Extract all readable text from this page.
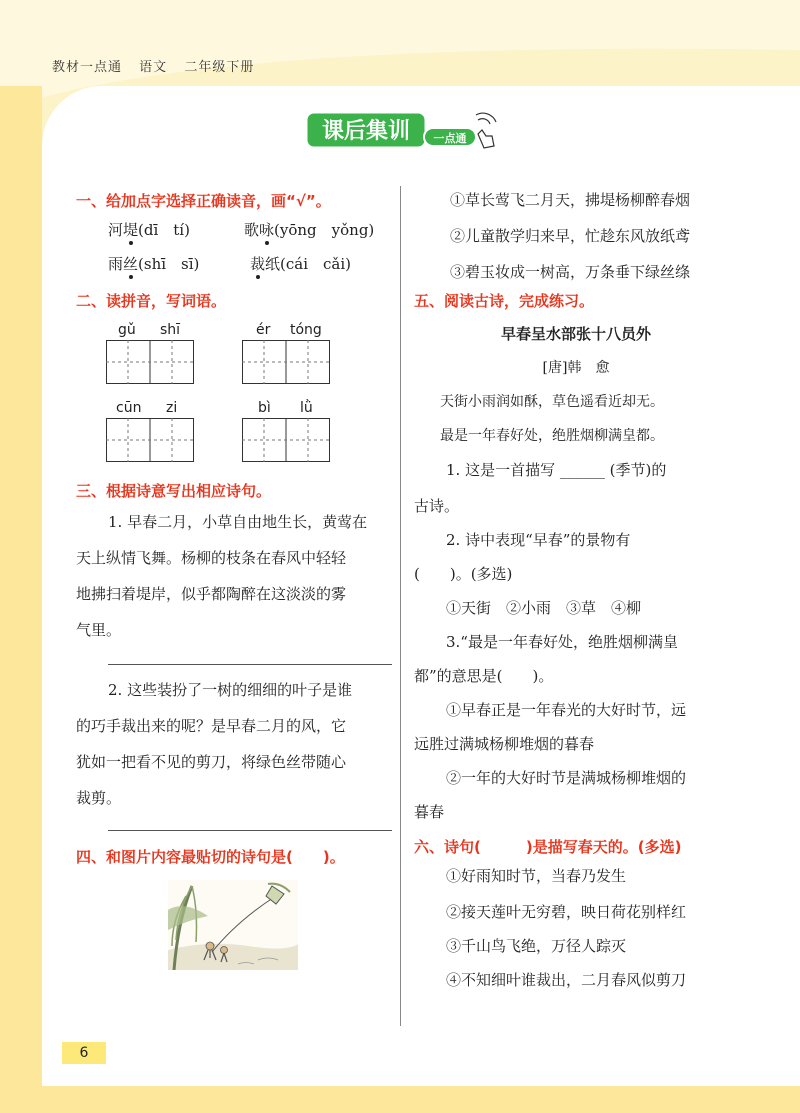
教材一点通 语文 二年级下册
课后集训 一点通
一、给加点字选择正确读音，画“√”。
河堤(dī　tí)	歌咏(yōng　yǒng)
雨丝(shī　sī)	裁纸(cái　cǎi)
二、读拼音，写词语。
gǔ shī	ér tóng
cūn zi	bì lǜ
三、根据诗意写出相应诗句。
1. 早春二月，小草自由地生长，黄莺在
天上纵情飞舞。杨柳的枝条在春风中轻轻
地拂扫着堤岸，似乎都陶醉在这淡淡的雾
气里。
2. 这些装扮了一树的细细的叶子是谁
的巧手裁出来的呢？是早春二月的风，它
犹如一把看不见的剪刀，将绿色丝带随心
裁剪。
四、和图片内容最贴切的诗句是(　　)。
①草长莺飞二月天，拂堤杨柳醉春烟
②儿童散学归来早，忙趁东风放纸鸢
③碧玉妆成一树高，万条垂下绿丝绦
五、阅读古诗，完成练习。
早春呈水部张十八员外
[唐]韩　愈
天街小雨润如酥，草色遥看近却无。
最是一年春好处，绝胜烟柳满皇都。
1. 这是一首描写 ______ (季节)的
古诗。
2. 诗中表现“早春”的景物有
(　　)。(多选)
①天街　②小雨　③草　④柳
3.“最是一年春好处，绝胜烟柳满皇
都”的意思是(　　)。
①早春正是一年春光的大好时节，远
远胜过满城杨柳堆烟的暮春
②一年的大好时节是满城杨柳堆烟的
暮春
六、诗句(　　　)是描写春天的。(多选)
①好雨知时节，当春乃发生
②接天莲叶无穷碧，映日荷花别样红
③千山鸟飞绝，万径人踪灭
④不知细叶谁裁出，二月春风似剪刀
6
